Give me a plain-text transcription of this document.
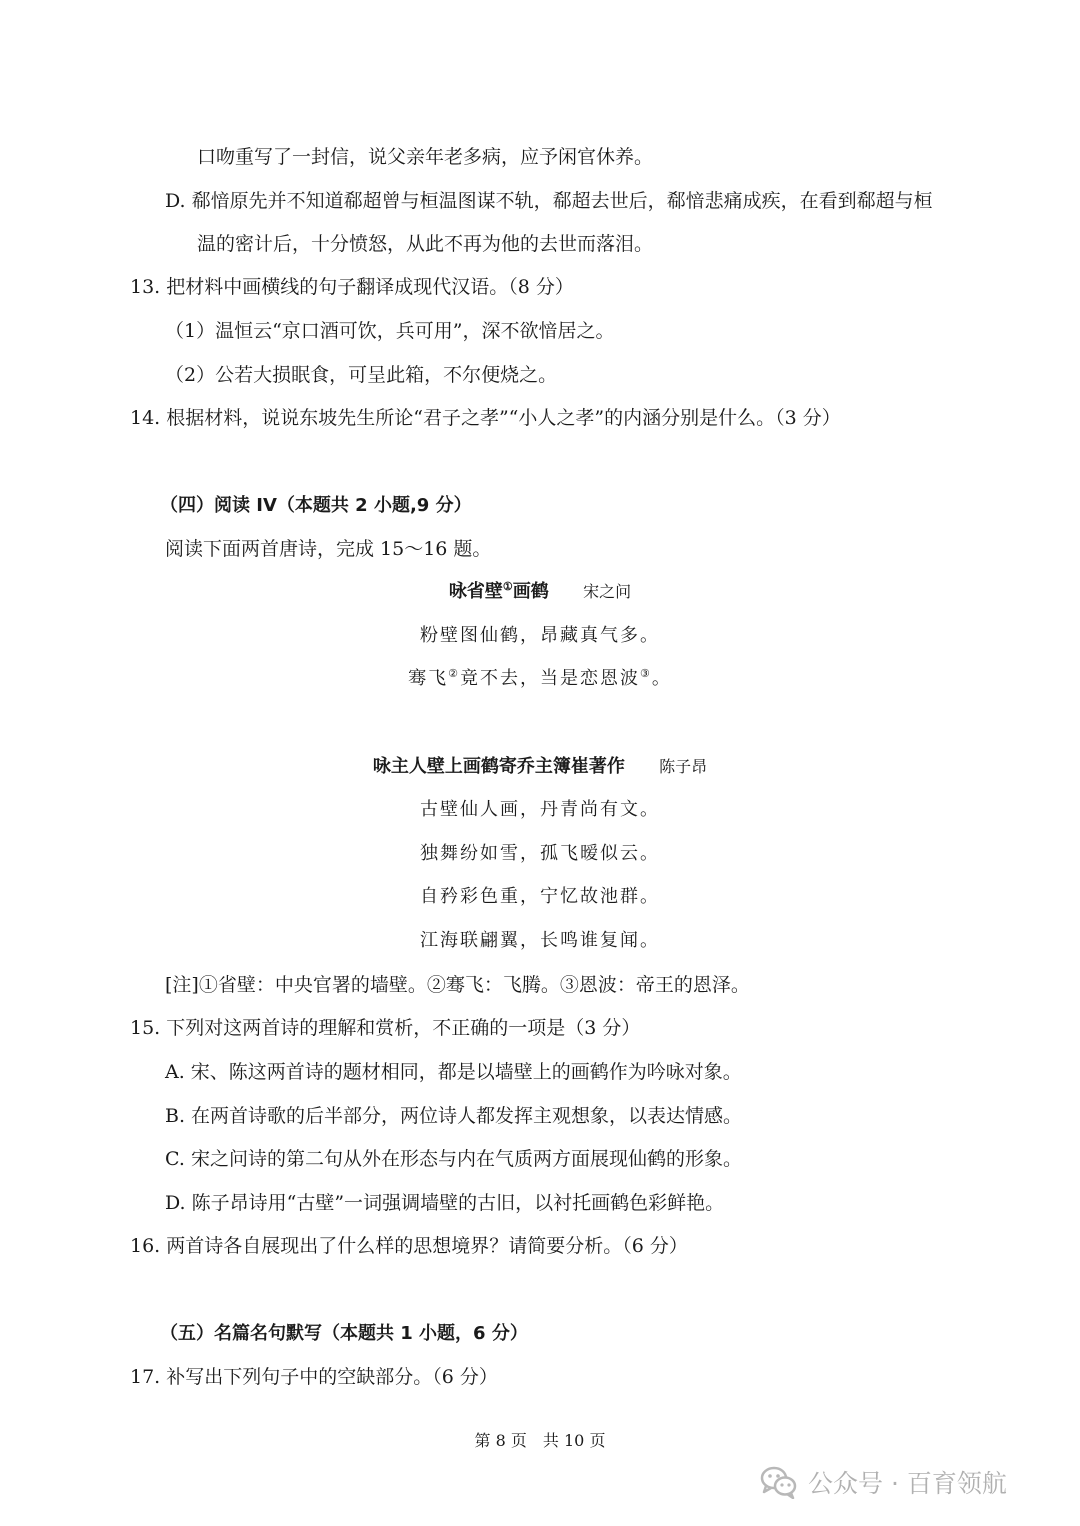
口吻重写了一封信，说父亲年老多病，应予闲官休养。
D. 郗愔原先并不知道郗超曾与桓温图谋不轨，郗超去世后，郗愔悲痛成疾，在看到郗超与桓
温的密计后，十分愤怒，从此不再为他的去世而落泪。
13. 把材料中画横线的句子翻译成现代汉语。（8 分）
（1）温恒云“京口酒可饮，兵可用”，深不欲愔居之。
（2）公若大损眠食，可呈此箱，不尔便烧之。
14. 根据材料，说说东坡先生所论“君子之孝”“小人之孝”的内涵分别是什么。（3 分）
（四）阅读 IV（本题共 2 小题,9 分）
阅读下面两首唐诗，完成 15～16 题。
咏省壁①画鹤 宋之问
粉壁图仙鹤，昂藏真气多。
骞飞②竟不去，当是恋恩波③。
咏主人壁上画鹤寄乔主簿崔著作 陈子昂
古壁仙人画，丹青尚有文。
独舞纷如雪，孤飞暧似云。
自矜彩色重，宁忆故池群。
江海联翩翼，长鸣谁复闻。
[注]①省壁：中央官署的墙壁。②骞飞：飞腾。③恩波：帝王的恩泽。
15. 下列对这两首诗的理解和赏析，不正确的一项是（3 分）
A. 宋、陈这两首诗的题材相同，都是以墙壁上的画鹤作为吟咏对象。
B. 在两首诗歌的后半部分，两位诗人都发挥主观想象，以表达情感。
C. 宋之问诗的第二句从外在形态与内在气质两方面展现仙鹤的形象。
D. 陈子昂诗用“古壁”一词强调墙壁的古旧，以衬托画鹤色彩鲜艳。
16. 两首诗各自展现出了什么样的思想境界？请简要分析。（6 分）
（五）名篇名句默写（本题共 1 小题，6 分）
17. 补写出下列句子中的空缺部分。（6 分）
第 8 页 共 10 页
公众号 · 百育领航
